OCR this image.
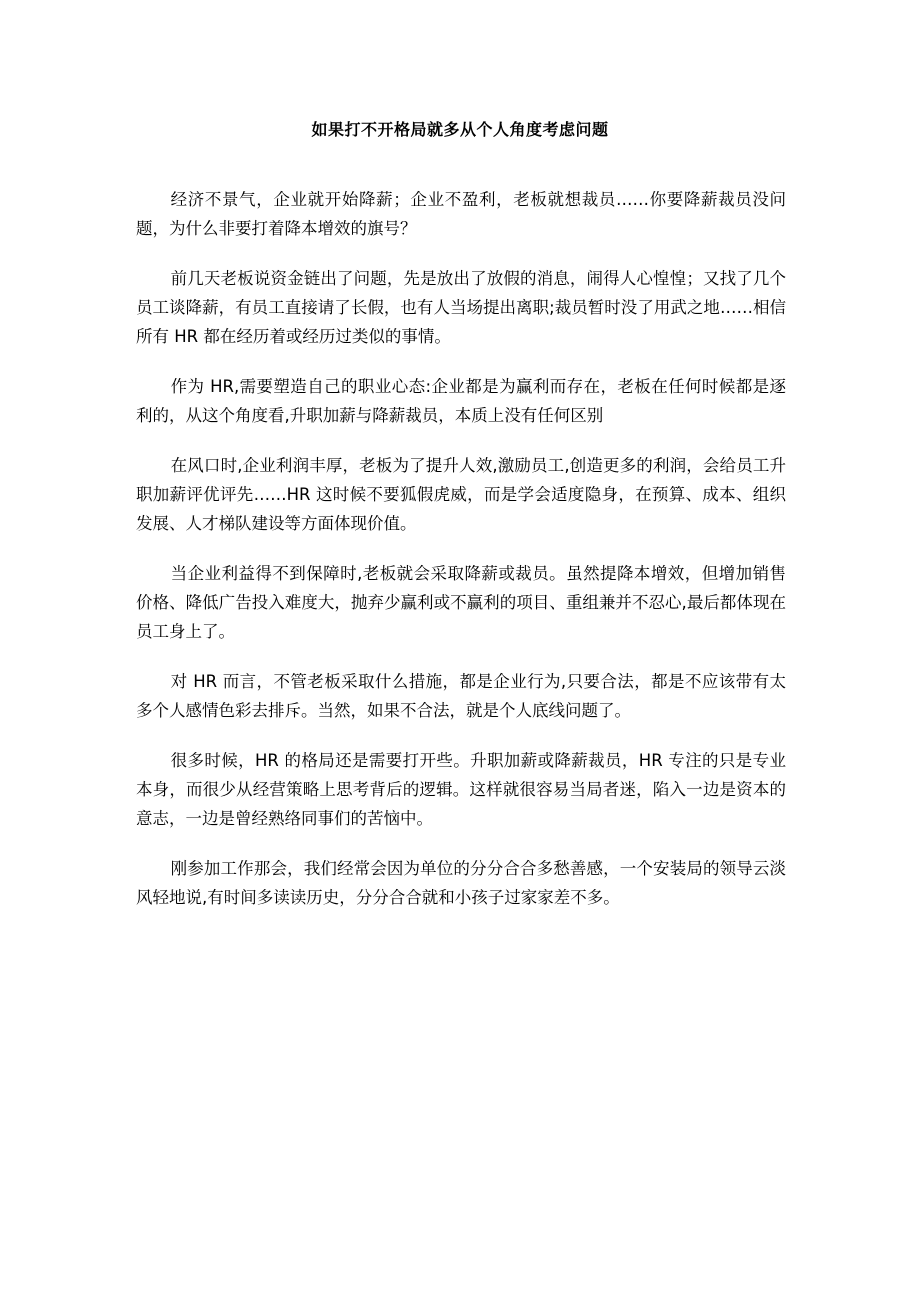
如果打不开格局就多从个人角度考虑问题

经济不景气，企业就开始降薪；企业不盈利，老板就想裁员……你要降薪裁员没问题，为什么非要打着降本增效的旗号？

前几天老板说资金链出了问题，先是放出了放假的消息，闹得人心惶惶；又找了几个员工谈降薪，有员工直接请了长假，也有人当场提出离职;裁员暂时没了用武之地……相信所有 HR 都在经历着或经历过类似的事情。

作为 HR,需要塑造自己的职业心态:企业都是为赢利而存在，老板在任何时候都是逐利的，从这个角度看,升职加薪与降薪裁员，本质上没有任何区别

在风口时,企业利润丰厚，老板为了提升人效,激励员工,创造更多的利润，会给员工升职加薪评优评先……HR 这时候不要狐假虎威，而是学会适度隐身，在预算、成本、组织发展、人才梯队建设等方面体现价值。

当企业利益得不到保障时,老板就会采取降薪或裁员。虽然提降本增效，但增加销售价格、降低广告投入难度大，抛弃少赢利或不赢利的项目、重组兼并不忍心,最后都体现在员工身上了。

对 HR 而言，不管老板采取什么措施，都是企业行为,只要合法，都是不应该带有太多个人感情色彩去排斥。当然，如果不合法，就是个人底线问题了。

很多时候，HR 的格局还是需要打开些。升职加薪或降薪裁员，HR 专注的只是专业本身，而很少从经营策略上思考背后的逻辑。这样就很容易当局者迷，陷入一边是资本的意志，一边是曾经熟络同事们的苦恼中。

刚参加工作那会，我们经常会因为单位的分分合合多愁善感，一个安装局的领导云淡风轻地说,有时间多读读历史，分分合合就和小孩子过家家差不多。
